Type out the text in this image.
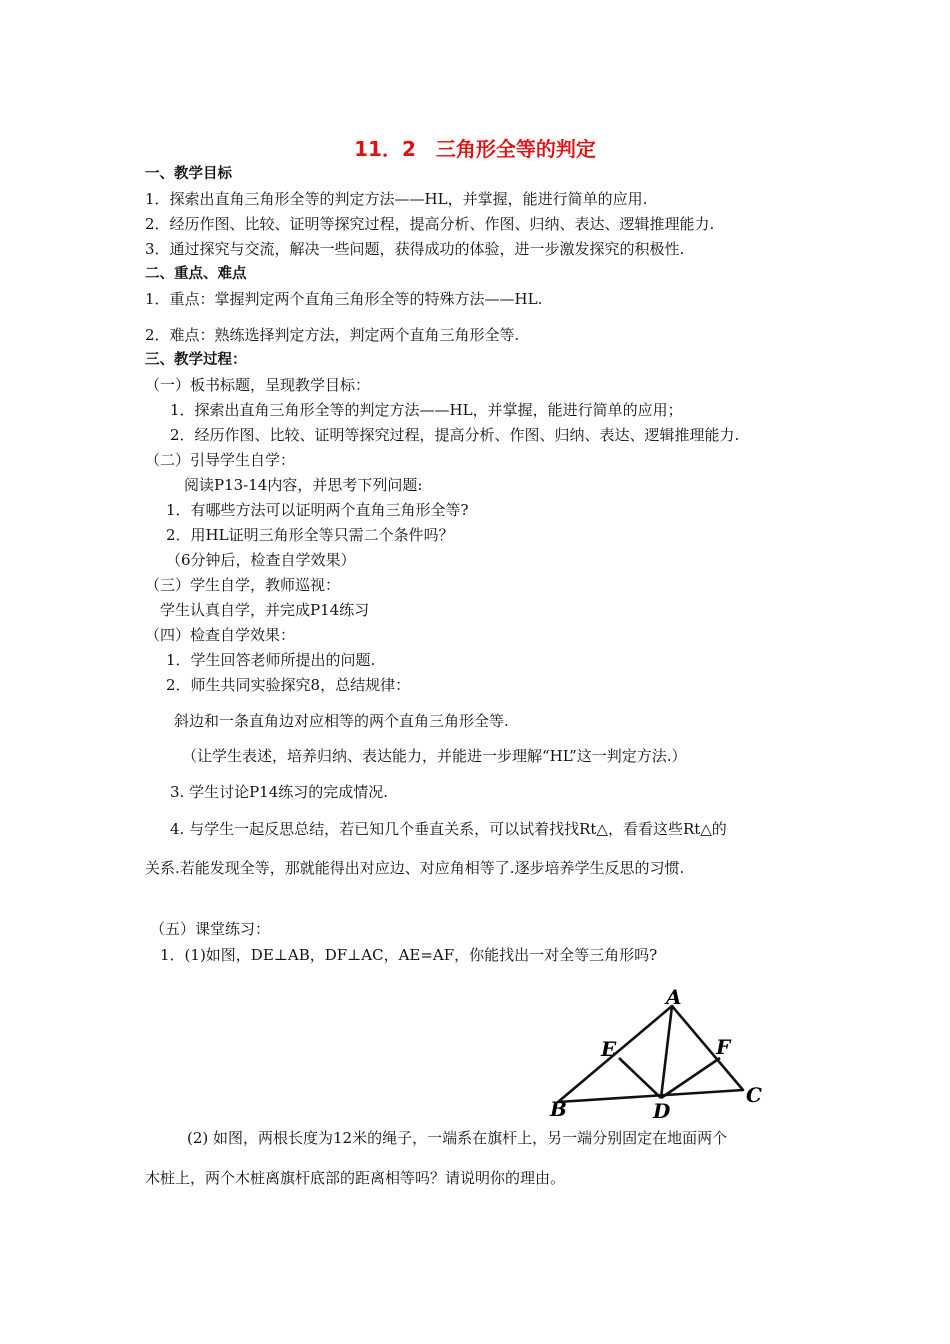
11．2　三角形全等的判定
一、教学目标
1．探索出直角三角形全等的判定方法——HL，并掌握，能进行简单的应用.
2．经历作图、比较、证明等探究过程，提高分析、作图、归纳、表达、逻辑推理能力.
3．通过探究与交流，解决一些问题，获得成功的体验，进一步激发探究的积极性.
二、重点、难点
1．重点：掌握判定两个直角三角形全等的特殊方法——HL.
2．难点：熟练选择判定方法，判定两个直角三角形全等.
三、教学过程：
（一）板书标题，呈现教学目标：
1．探索出直角三角形全等的判定方法——HL，并掌握，能进行简单的应用；
2．经历作图、比较、证明等探究过程，提高分析、作图、归纳、表达、逻辑推理能力.
（二）引导学生自学：
阅读P13-14内容，并思考下列问题:
1．有哪些方法可以证明两个直角三角形全等?
2．用HL证明三角形全等只需二个条件吗？
（6分钟后，检查自学效果）
（三）学生自学，教师巡视：
学生认真自学，并完成P14练习
（四）检查自学效果：
1．学生回答老师所提出的问题.
2．师生共同实验探究8，总结规律：
斜边和一条直角边对应相等的两个直角三角形全等.
（让学生表述，培养归纳、表达能力，并能进一步理解“HL”这一判定方法.）
3. 学生讨论P14练习的完成情况.
4. 与学生一起反思总结，若已知几个垂直关系，可以试着找找Rt△，看看这些Rt△的
关系.若能发现全等，那就能得出对应边、对应角相等了.逐步培养学生反思的习惯.
（五）课堂练习：
1．(1)如图，DE⊥AB，DF⊥AC，AE=AF，你能找出一对全等三角形吗?
A
B
C
D
E	F
(2) 如图，两根长度为12米的绳子，一端系在旗杆上，另一端分别固定在地面两个
木桩上，两个木桩离旗杆底部的距离相等吗？请说明你的理由。
